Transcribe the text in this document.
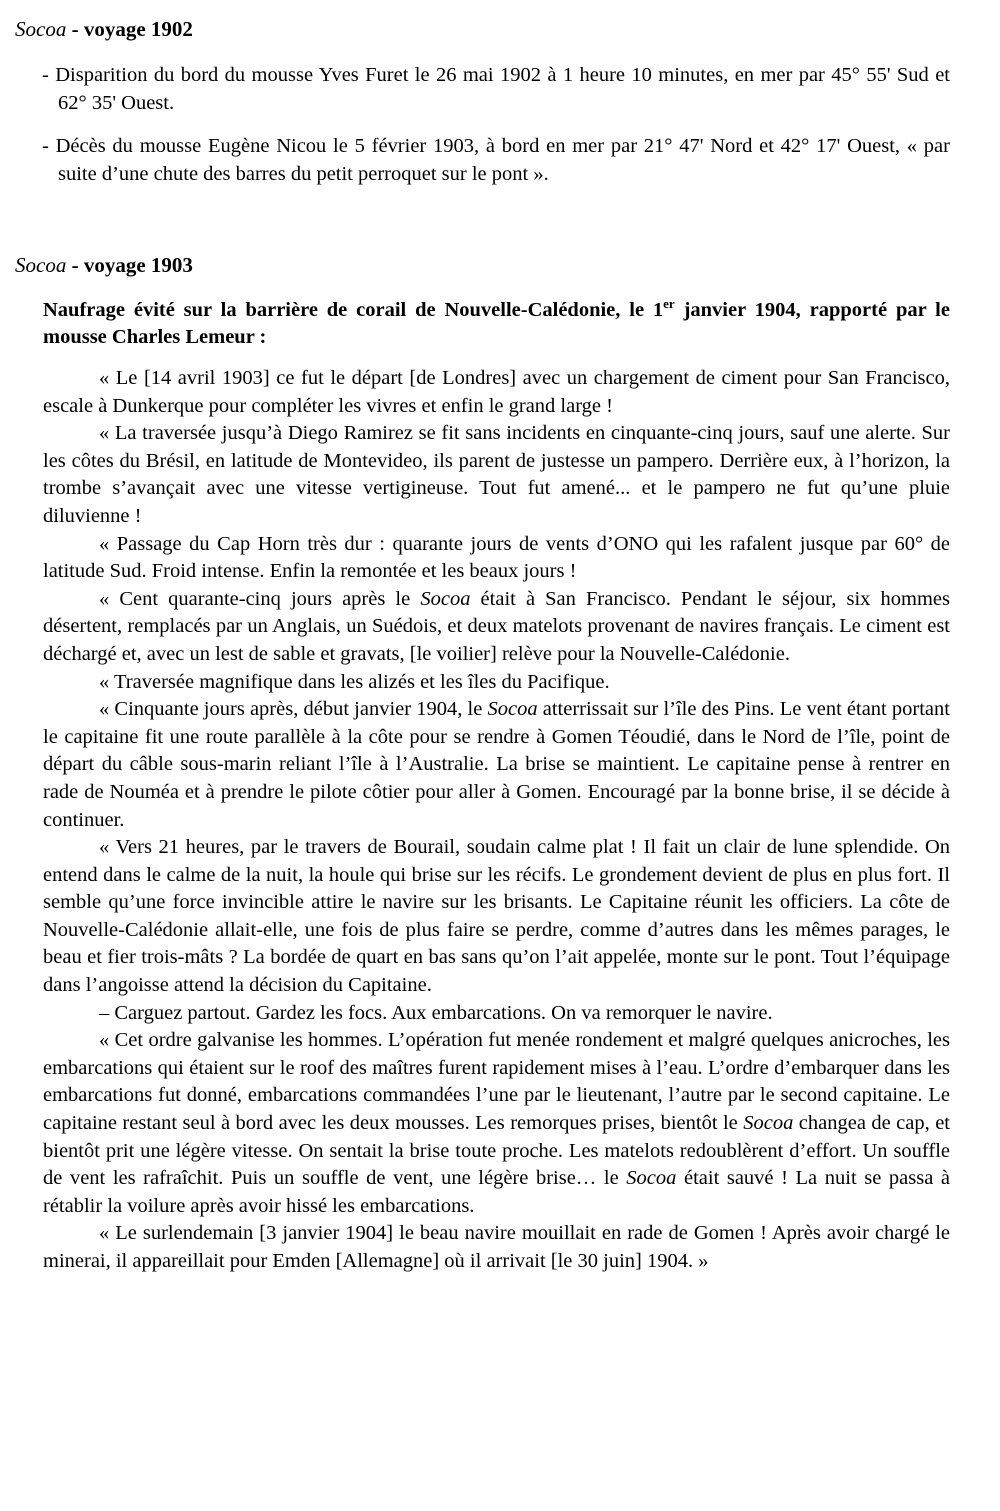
Socoa - voyage 1902

- Disparition du bord du mousse Yves Furet le 26 mai 1902 à 1 heure 10 minutes, en mer par 45° 55' Sud et 62° 35' Ouest.

- Décès du mousse Eugène Nicou le 5 février 1903, à bord en mer par 21° 47' Nord et 42° 17' Ouest, « par suite d’une chute des barres du petit perroquet sur le pont ».

Socoa - voyage 1903
Naufrage évité sur la barrière de corail de Nouvelle-Calédonie, le 1er janvier 1904, rapporté par le mousse Charles Lemeur :

« Le [14 avril 1903] ce fut le départ [de Londres] avec un chargement de ciment pour San Francisco, escale à Dunkerque pour compléter les vivres et enfin le grand large !

« La traversée jusqu’à Diego Ramirez se fit sans incidents en cinquante-cinq jours, sauf une alerte. Sur les côtes du Brésil, en latitude de Montevideo, ils parent de justesse un pampero. Derrière eux, à l’horizon, la trombe s’avançait avec une vitesse vertigineuse. Tout fut amené... et le pampero ne fut qu’une pluie diluvienne !

« Passage du Cap Horn très dur : quarante jours de vents d’ONO qui les rafalent jusque par 60° de latitude Sud. Froid intense. Enfin la remontée et les beaux jours !

« Cent quarante-cinq jours après le Socoa était à San Francisco. Pendant le séjour, six hommes désertent, remplacés par un Anglais, un Suédois, et deux matelots provenant de navires français. Le ciment est déchargé et, avec un lest de sable et gravats, [le voilier] relève pour la Nouvelle-Calédonie.

« Traversée magnifique dans les alizés et les îles du Pacifique.

« Cinquante jours après, début janvier 1904, le Socoa atterrissait sur l’île des Pins. Le vent étant portant le capitaine fit une route parallèle à la côte pour se rendre à Gomen Téoudié, dans le Nord de l’île, point de départ du câble sous-marin reliant l’île à l’Australie. La brise se maintient. Le capitaine pense à rentrer en rade de Nouméa et à prendre le pilote côtier pour aller à Gomen. Encouragé par la bonne brise, il se décide à continuer.

« Vers 21 heures, par le travers de Bourail, soudain calme plat ! Il fait un clair de lune splendide. On entend dans le calme de la nuit, la houle qui brise sur les récifs. Le grondement devient de plus en plus fort. Il semble qu’une force invincible attire le navire sur les brisants. Le Capitaine réunit les officiers. La côte de Nouvelle-Calédonie allait-elle, une fois de plus faire se perdre, comme d’autres dans les mêmes parages, le beau et fier trois-mâts ? La bordée de quart en bas sans qu’on l’ait appelée, monte sur le pont. Tout l’équipage dans l’angoisse attend la décision du Capitaine.

– Carguez partout. Gardez les focs. Aux embarcations. On va remorquer le navire.

« Cet ordre galvanise les hommes. L’opération fut menée rondement et malgré quelques anicroches, les embarcations qui étaient sur le roof des maîtres furent rapidement mises à l’eau. L’ordre d’embarquer dans les embarcations fut donné, embarcations commandées l’une par le lieutenant, l’autre par le second capitaine. Le capitaine restant seul à bord avec les deux mousses. Les remorques prises, bientôt le Socoa changea de cap, et bientôt prit une légère vitesse. On sentait la brise toute proche. Les matelots redoublèrent d’effort. Un souffle de vent les rafraîchit. Puis un souffle de vent, une légère brise… le Socoa était sauvé ! La nuit se passa à rétablir la voilure après avoir hissé les embarcations.

« Le surlendemain [3 janvier 1904] le beau navire mouillait en rade de Gomen ! Après avoir chargé le minerai, il appareillait pour Emden [Allemagne] où il arrivait [le 30 juin] 1904. »
